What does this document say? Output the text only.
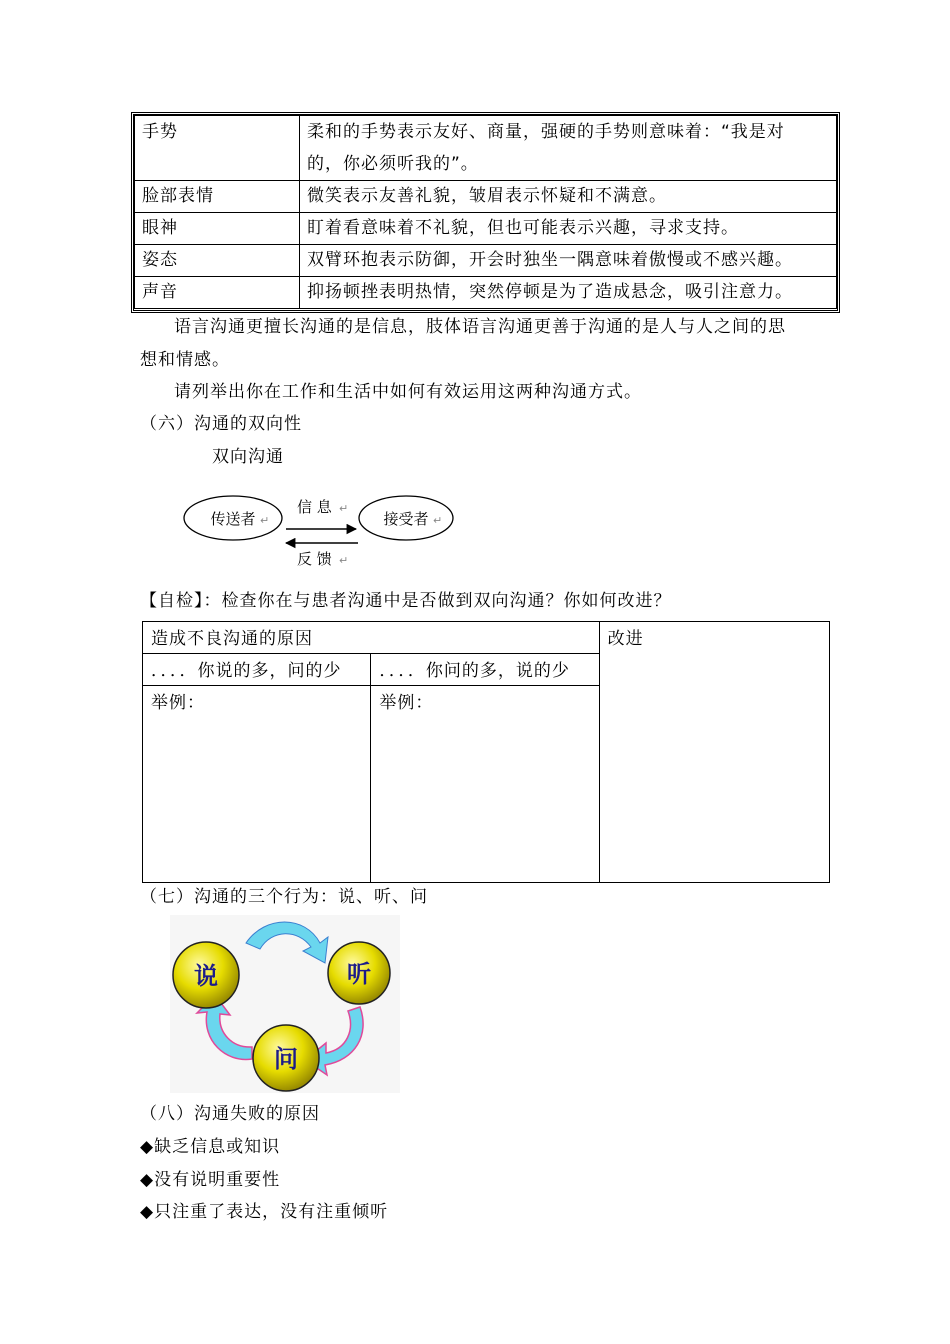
手势	柔和的手势表示友好、商量，强硬的手势则意味着：“我是对
的，你必须听我的”。
脸部表情	微笑表示友善礼貌，皱眉表示怀疑和不满意。
眼神	盯着看意味着不礼貌，但也可能表示兴趣，寻求支持。
姿态	双臂环抱表示防御，开会时独坐一隅意味着傲慢或不感兴趣。
声音	抑扬顿挫表明热情，突然停顿是为了造成悬念，吸引注意力。
语言沟通更擅长沟通的是信息，肢体语言沟通更善于沟通的是人与人之间的思
想和情感。
请列举出你在工作和生活中如何有效运用这两种沟通方式。
（六）沟通的双向性
双向沟通
传送者 ↵	接受者 ↵
信 息 ↵
反 馈 ↵
【自检】：检查你在与患者沟通中是否做到双向沟通？你如何改进？
造成不良沟通的原因		改进
．．．．你说的多，问的少	．．．．你问的多，说的少	
举例：	举例：	
（七）沟通的三个行为：说、听、问
说	听
问
（八）沟通失败的原因
◆缺乏信息或知识
◆没有说明重要性
◆只注重了表达，没有注重倾听
